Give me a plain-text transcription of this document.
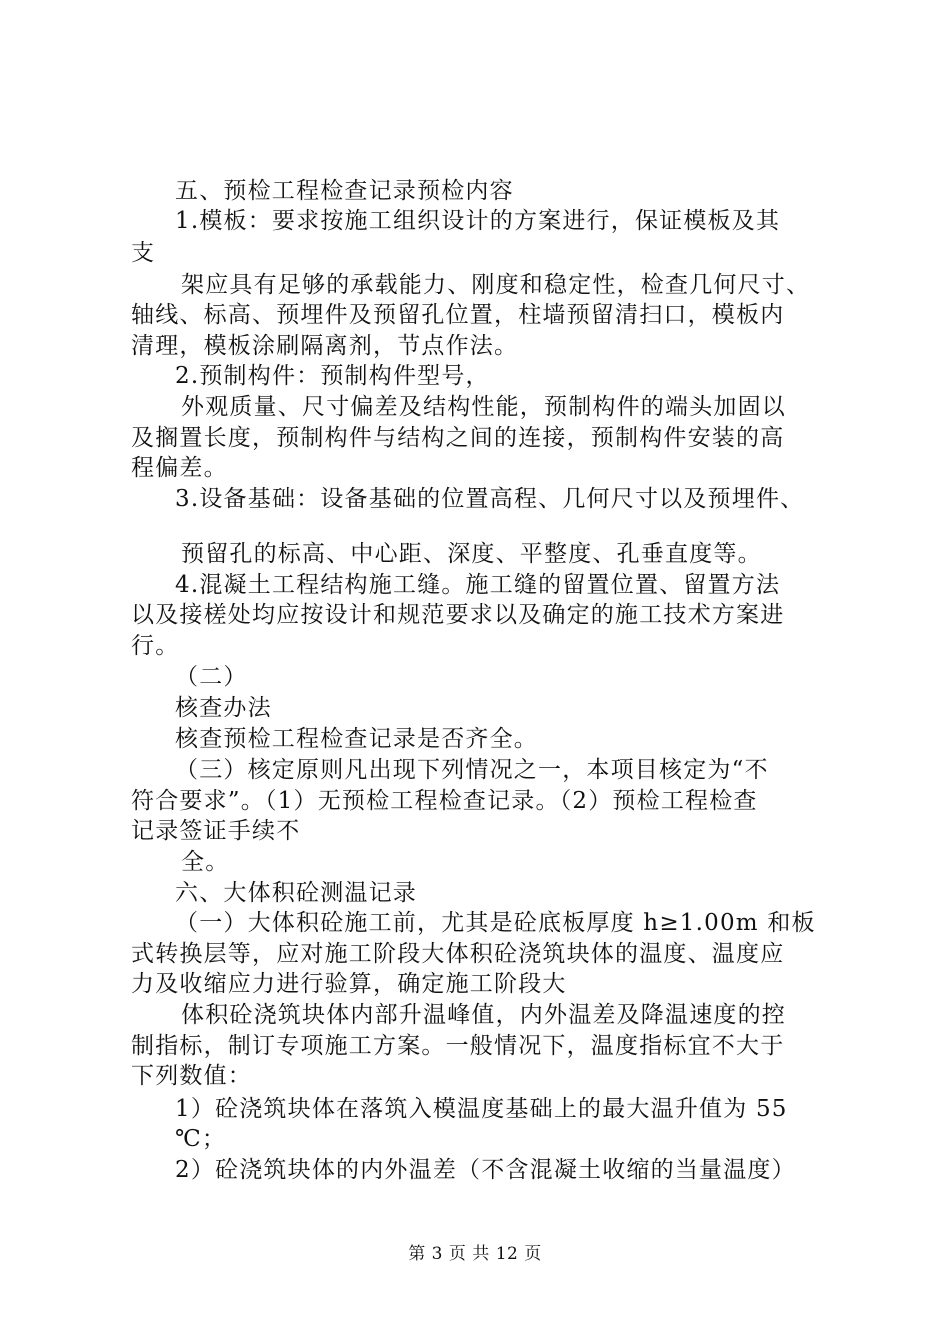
五、预检工程检查记录预检内容
1.模板：要求按施工组织设计的方案进行，保证模板及其
支
架应具有足够的承载能力、刚度和稳定性，检查几何尺寸、
轴线、标高、预埋件及预留孔位置，柱墙预留清扫口，模板内
清理，模板涂刷隔离剂，节点作法。
2.预制构件：预制构件型号，
外观质量、尺寸偏差及结构性能，预制构件的端头加固以
及搁置长度，预制构件与结构之间的连接，预制构件安装的高
程偏差。
3.设备基础：设备基础的位置高程、几何尺寸以及预埋件、
预留孔的标高、中心距、深度、平整度、孔垂直度等。
4.混凝土工程结构施工缝。施工缝的留置位置、留置方法
以及接槎处均应按设计和规范要求以及确定的施工技术方案进
行。
（二）
核查办法
核查预检工程检查记录是否齐全。
（三）核定原则凡出现下列情况之一，本项目核定为“不
符合要求”。（1）无预检工程检查记录。（2）预检工程检查
记录签证手续不
全。
六、大体积砼测温记录
（一）大体积砼施工前，尤其是砼底板厚度 h≥1.00m 和板
式转换层等，应对施工阶段大体积砼浇筑块体的温度、温度应
力及收缩应力进行验算，确定施工阶段大
体积砼浇筑块体内部升温峰值，内外温差及降温速度的控
制指标，制订专项施工方案。一般情况下，温度指标宜不大于
下列数值：
1）砼浇筑块体在落筑入模温度基础上的最大温升值为 55
℃；
2）砼浇筑块体的内外温差（不含混凝土收缩的当量温度）
第 3 页 共 12 页
